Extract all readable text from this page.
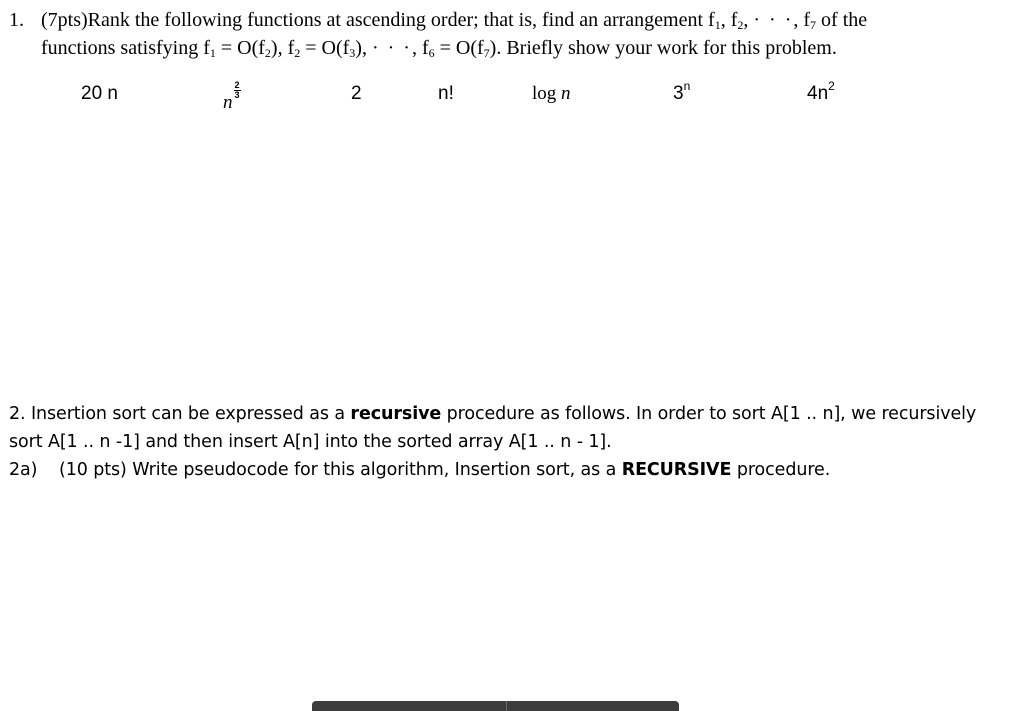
1. (7pts)Rank the following functions at ascending order; that is, find an arrangement $f_1$, $f_2$, · · ·, $f_7$ of the
functions satisfying $f_1 = O(f_2)$, $f_2 = O(f_3)$, · · ·, $f_6 = O(f_7)$. Briefly show your work for this problem.
20 n	$n\frac{2}{3}$	2	n!	log n	3$^n$	$4n^2$
2. Insertion sort can be expressed as a recursive procedure as follows. In order to sort A[1 .. n], we recursively
sort A[1 .. n -1] and then insert A[n] into the sorted array A[1 .. n - 1].
2a) (10 pts) Write pseudocode for this algorithm, Insertion sort, as a RECURSIVE procedure.
